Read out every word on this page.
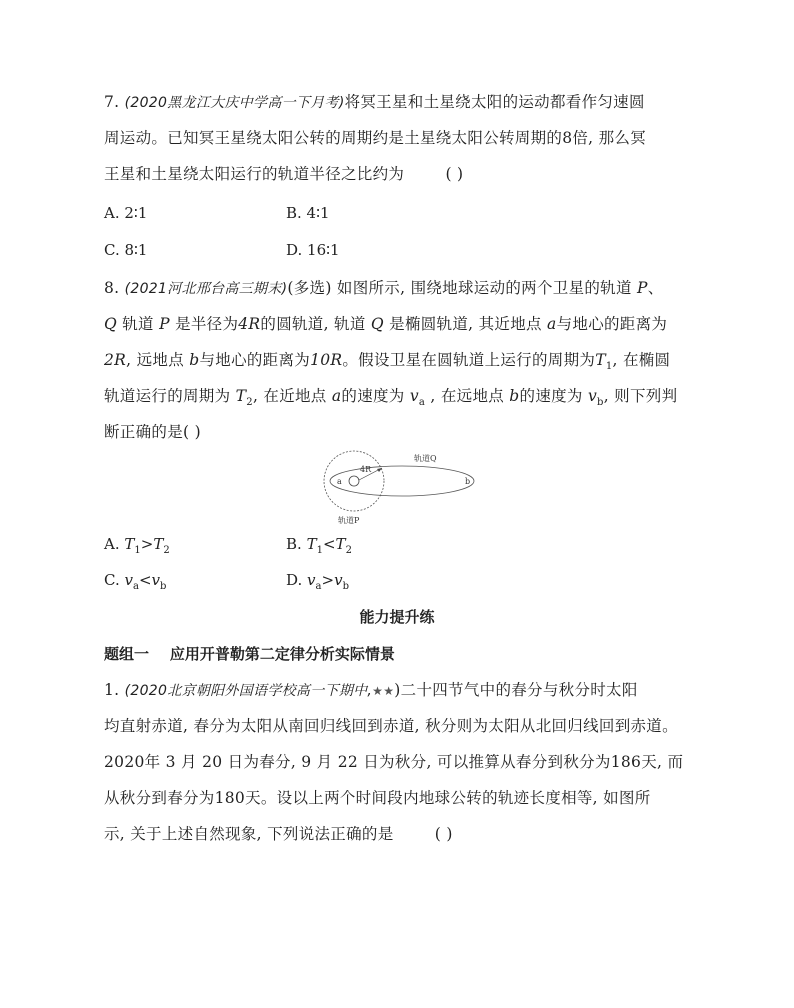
7. (2020黑龙江大庆中学高一下月考)将冥王星和土星绕太阳的运动都看作匀速圆
周运动。已知冥王星绕太阳公转的周期约是土星绕太阳公转周期的8倍, 那么冥
王星和土星绕太阳运行的轨道半径之比约为	( )
A. 2∶1	B. 4∶1
C. 8∶1	D. 16∶1
8. (2021河北邢台高三期末)(多选) 如图所示, 围绕地球运动的两个卫星的轨道 P、
Q 轨道 P 是半径为4R的圆轨道, 轨道 Q 是椭圆轨道, 其近地点 a与地心的距离为
2R, 远地点 b与地心的距离为10R。假设卫星在圆轨道上运行的周期为$T_1$, 在椭圆
轨道运行的周期为 $T_2$, 在近地点 a的速度为 $v_a$ , 在远地点 b的速度为 $v_b$, 则下列判
断正确的是( )
4R
a	b
轨道Q
轨道P
A. $T_1>T_2$	B. $T_1<T_2$
C. $v_a<v_b$	D. $v_a>v_b$
能力提升练
题组一    应用开普勒第二定律分析实际情景
1. (2020北京朝阳外国语学校高一下期中,★★)二十四节气中的春分与秋分时太阳
均直射赤道, 春分为太阳从南回归线回到赤道, 秋分则为太阳从北回归线回到赤道。
2020年 3 月 20 日为春分, 9 月 22 日为秋分, 可以推算从春分到秋分为186天, 而
从秋分到春分为180天。设以上两个时间段内地球公转的轨迹长度相等, 如图所
示, 关于上述自然现象, 下列说法正确的是	( )
